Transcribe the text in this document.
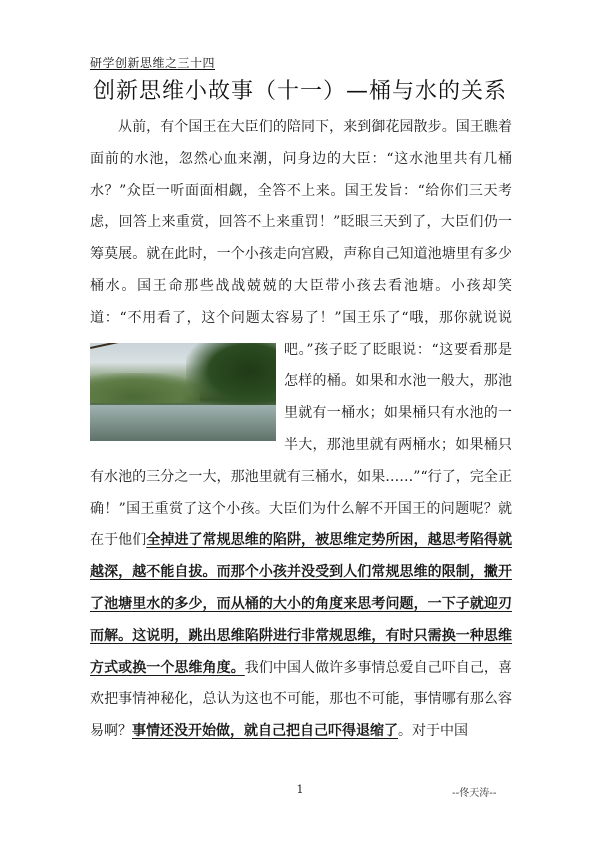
研学创新思维之三十四
创新思维小故事（十一）—桶与水的关系

从前，有个国王在大臣们的陪同下，来到御花园散步。国王瞧着面前的水池，忽然心血来潮，问身边的大臣：“这水池里共有几桶水？”众臣一听面面相觑，全答不上来。国王发旨：“给你们三天考虑，回答上来重赏，回答不上来重罚！”眨眼三天到了，大臣们仍一筹莫展。就在此时，一个小孩走向宫殿，声称自己知道池塘里有多少桶水。国王命那些战战兢兢的大臣带小孩去看池塘。小孩却笑道：“不用看了，这个问题太容易了！”国王乐了“哦，那你就说说吧。”孩子眨了眨眼说：
“这要看那是怎样的桶。如果和水池一般大，那池里就有一桶水；如果桶只有水池的一半大，那池里就有两桶水；如果桶只有水池的三分之一大，那池里就有三桶水，如果……”“行了，完全正确！”国王重赏了这个小孩。大臣们为什么解不开国王的问题呢？就在于他们全掉进了常规思维的陷阱，被思维定势所困，越思考陷得就越深，越不能自拔。而那个小孩并没受到人们常规思维的限制，撇开了池塘里水的多少，而从桶的大小的角度来思考问题，一下子就迎刃而解。这说明，跳出思维陷阱进行非常规思维，有时只需换一种思维方式或换一个思维角度。我们中国人做许多事情总爱自己吓自己，喜欢把事情神秘化，总认为这也不可能，那也不可能，事情哪有那么容易啊？事情还没开始做，就自己把自己吓得退缩了。对于中国

1	--佟天涛--
